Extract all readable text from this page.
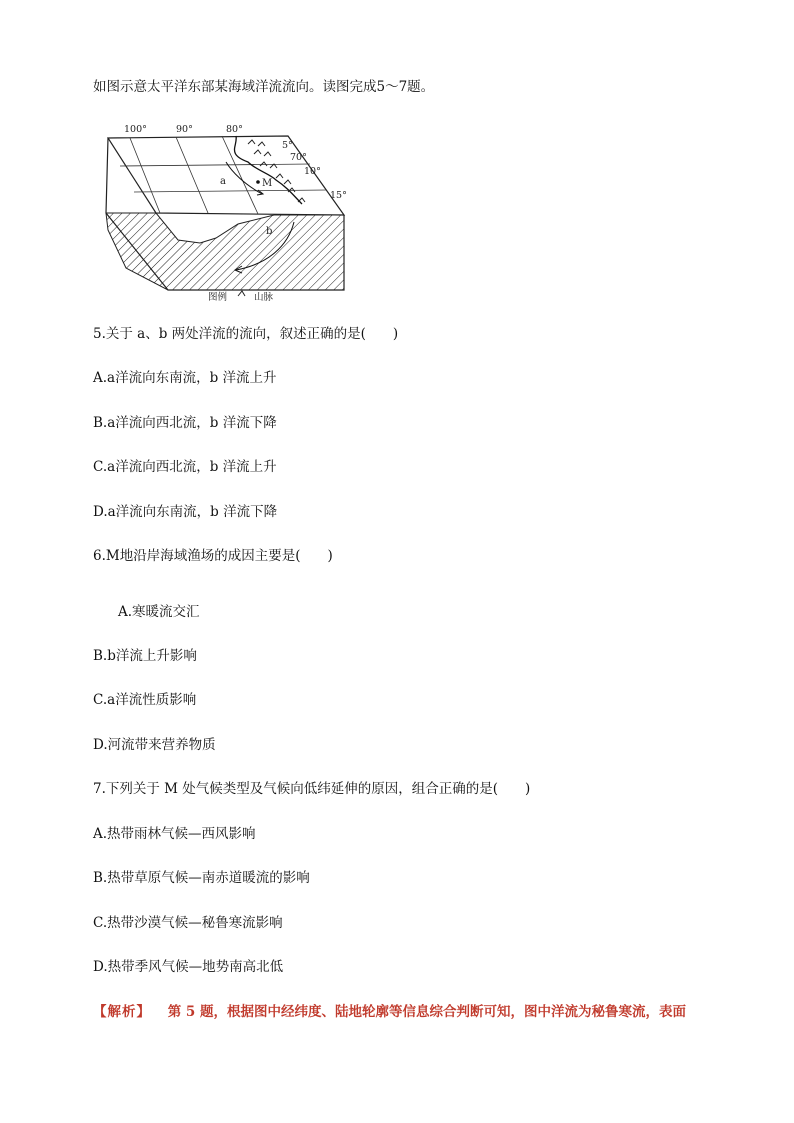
如图示意太平洋东部某海域洋流流向。读图完成5～7题。
100°	90°	80°
5°
70°
10°
15°
a	M
b
图例	山脉
5.关于 a、b 两处洋流的流向，叙述正确的是(　　)
A.a洋流向东南流，b 洋流上升
B.a洋流向西北流，b 洋流下降
C.a洋流向西北流，b 洋流上升
D.a洋流向东南流，b 洋流下降
6.M地沿岸海域渔场的成因主要是(　　)
A.寒暖流交汇
B.b洋流上升影响
C.a洋流性质影响
D.河流带来营养物质
7.下列关于 M 处气候类型及气候向低纬延伸的原因，组合正确的是(　　)
A.热带雨林气候—西风影响
B.热带草原气候—南赤道暖流的影响
C.热带沙漠气候—秘鲁寒流影响
D.热带季风气候—地势南高北低
【解析】 第 5 题，根据图中经纬度、陆地轮廓等信息综合判断可知，图中洋流为秘鲁寒流，表面
